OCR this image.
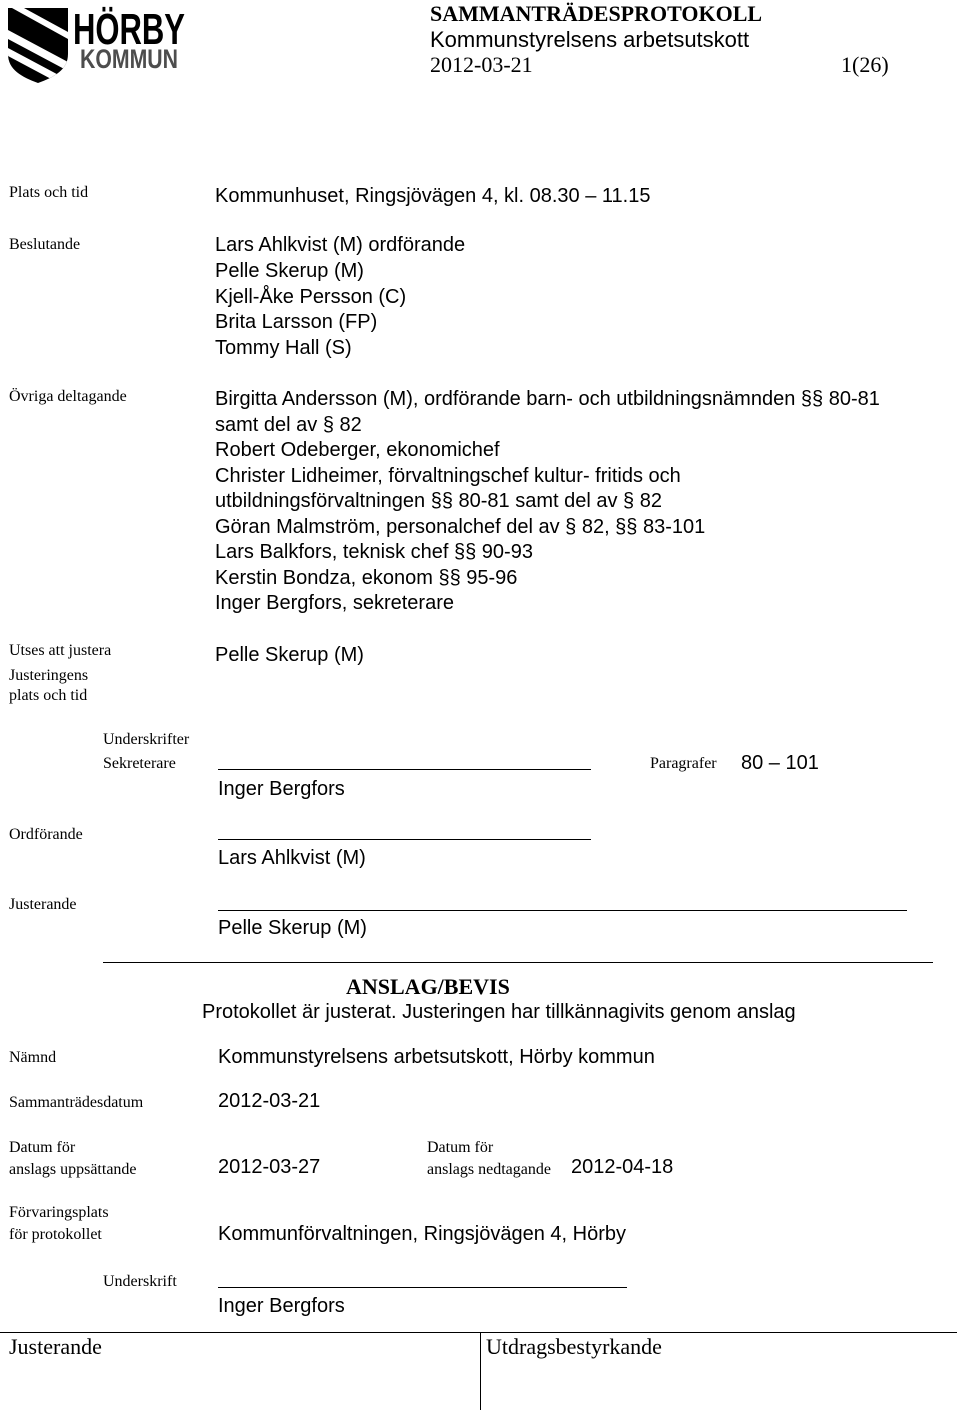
HÖRBY
KOMMUN
SAMMANTRÄDESPROTOKOLL
Kommunstyrelsens arbetsutskott
2012-03-21	1(26)
Plats och tid	Kommunhuset, Ringsjövägen 4, kl. 08.30 – 11.15
Beslutande	Lars Ahlkvist (M) ordförande
Pelle Skerup (M)
Kjell-Åke Persson (C)
Brita Larsson (FP)
Tommy Hall (S)
Övriga deltagande	Birgitta Andersson (M), ordförande barn- och utbildningsnämnden §§ 80-81
samt del av § 82
Robert Odeberger, ekonomichef
Christer Lidheimer, förvaltningschef kultur- fritids och
utbildningsförvaltningen §§ 80-81 samt del av § 82
Göran Malmström, personalchef del av § 82, §§ 83-101
Lars Balkfors, teknisk chef §§ 90-93
Kerstin Bondza, ekonom §§ 95-96
Inger Bergfors, sekreterare
Utses att justera	Pelle Skerup (M)
Justeringens
plats och tid
Underskrifter
Sekreterare
Inger Bergfors
Paragrafer 80 – 101
Ordförande
Lars Ahlkvist (M)
Justerande
Pelle Skerup (M)
ANSLAG/BEVIS
Protokollet är justerat. Justeringen har tillkännagivits genom anslag
Nämnd	Kommunstyrelsens arbetsutskott, Hörby kommun
Sammanträdesdatum	2012-03-21
Datum för
anslags uppsättande	2012-03-27
Datum för
anslags nedtagande 2012-04-18
Förvaringsplats
för protokollet	Kommunförvaltningen, Ringsjövägen 4, Hörby
Underskrift
Inger Bergfors
Justerande	Utdragsbestyrkande
